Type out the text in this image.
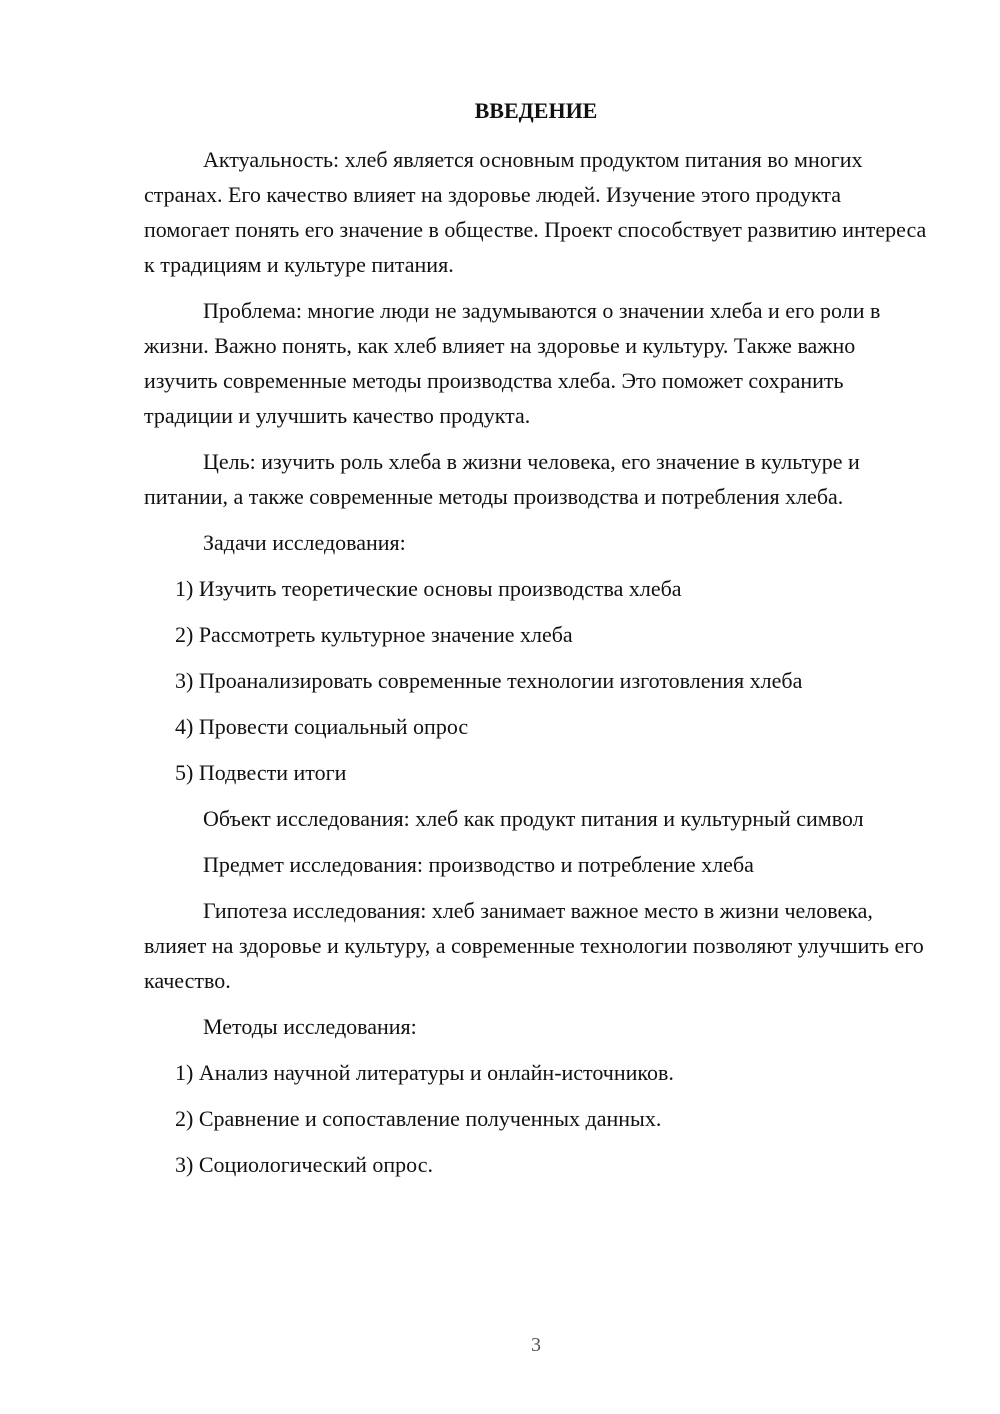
ВВЕДЕНИЕ

Актуальность: хлеб является основным продуктом питания во многих странах. Его качество влияет на здоровье людей. Изучение этого продукта помогает понять его значение в обществе. Проект способствует развитию интереса к традициям и культуре питания.

Проблема: многие люди не задумываются о значении хлеба и его роли в жизни. Важно понять, как хлеб влияет на здоровье и культуру. Также важно изучить современные методы производства хлеба. Это поможет сохранить традиции и улучшить качество продукта.

Цель: изучить роль хлеба в жизни человека, его значение в культуре и питании, а также современные методы производства и потребления хлеба.

Задачи исследования:

1) Изучить теоретические основы производства хлеба

2) Рассмотреть культурное значение хлеба

3) Проанализировать современные технологии изготовления хлеба

4) Провести социальный опрос

5) Подвести итоги

Объект исследования: хлеб как продукт питания и культурный символ

Предмет исследования: производство и потребление хлеба

Гипотеза исследования: хлеб занимает важное место в жизни человека, влияет на здоровье и культуру, а современные технологии позволяют улучшить его качество.

Методы исследования:

1) Анализ научной литературы и онлайн-источников.

2) Сравнение и сопоставление полученных данных.

3) Социологический опрос.

3
